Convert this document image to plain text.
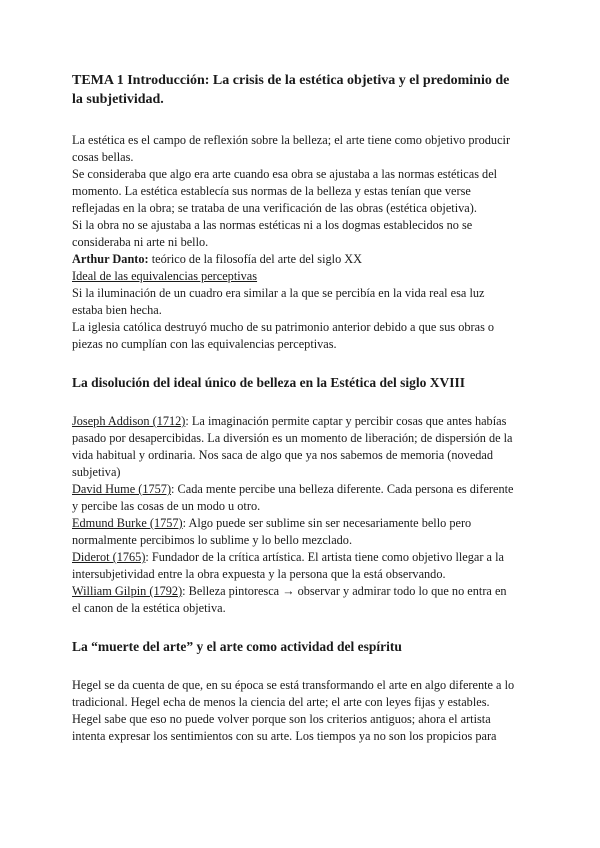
TEMA 1 Introducción: La crisis de la estética objetiva y el predominio de la subjetividad.

La estética es el campo de reflexión sobre la belleza; el arte tiene como objetivo producir cosas bellas.

Se consideraba que algo era arte cuando esa obra se ajustaba a las normas estéticas del momento. La estética establecía sus normas de la belleza y estas tenían que verse reflejadas en la obra; se trataba de una verificación de las obras (estética objetiva).

Si la obra no se ajustaba a las normas estéticas ni a los dogmas establecidos no se consideraba ni arte ni bello.

Arthur Danto: teórico de la filosofía del arte del siglo XX

Ideal de las equivalencias perceptivas

Si la iluminación de un cuadro era similar a la que se percibía en la vida real esa luz estaba bien hecha.

La iglesia católica destruyó mucho de su patrimonio anterior debido a que sus obras o piezas no cumplían con las equivalencias perceptivas.

La disolución del ideal único de belleza en la Estética del siglo XVIII

Joseph Addison (1712): La imaginación permite captar y percibir cosas que antes habías pasado por desapercibidas. La diversión es un momento de liberación; de dispersión de la vida habitual y ordinaria. Nos saca de algo que ya nos sabemos de memoria (novedad subjetiva)

David Hume (1757): Cada mente percibe una belleza diferente. Cada persona es diferente y percibe las cosas de un modo u otro.

Edmund Burke (1757): Algo puede ser sublime sin ser necesariamente bello pero normalmente percibimos lo sublime y lo bello mezclado.

Diderot (1765): Fundador de la crítica artística. El artista tiene como objetivo llegar a la intersubjetividad entre la obra expuesta y la persona que la está observando.

William Gilpin (1792): Belleza pintoresca → observar y admirar todo lo que no entra en el canon de la estética objetiva.

La “muerte del arte” y el arte como actividad del espíritu

Hegel se da cuenta de que, en su época se está transformando el arte en algo diferente a lo tradicional. Hegel echa de menos la ciencia del arte; el arte con leyes fijas y estables.

Hegel sabe que eso no puede volver porque son los criterios antiguos; ahora el artista intenta expresar los sentimientos con su arte. Los tiempos ya no son los propicios para
